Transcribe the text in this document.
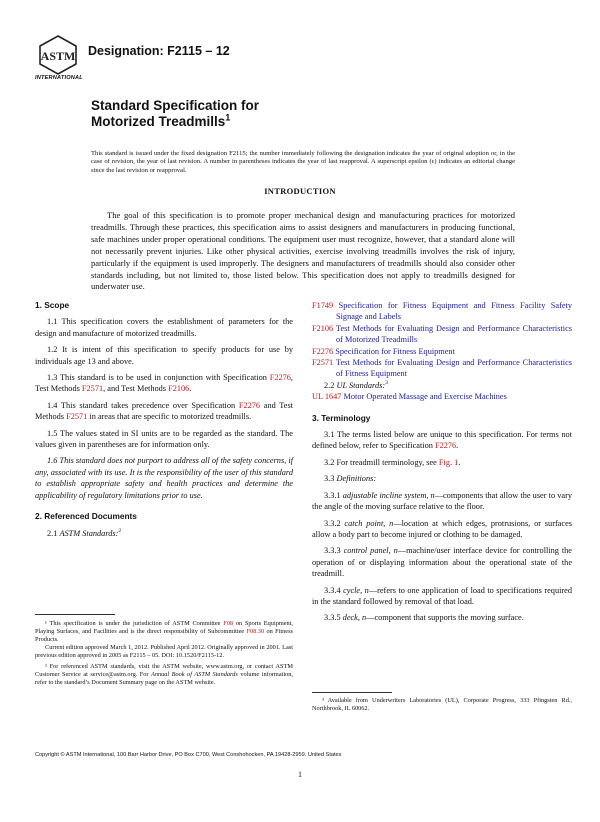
ASTM
INTERNATIONAL
Designation: F2115 – 12
Standard Specification for
Motorized Treadmills$^1$

This standard is issued under the fixed designation F2115; the number immediately following the designation indicates the year of original adoption or, in the case of revision, the year of last revision. A number in parentheses indicates the year of last reapproval. A superscript epsilon (ε) indicates an editorial change since the last revision or reapproval.

INTRODUCTION

The goal of this specification is to promote proper mechanical design and manufacturing practices for motorized treadmills. Through these practices, this specification aims to assist designers and manufacturers in producing functional, safe machines under proper operational conditions. The equipment user must recognize, however, that a standard alone will not necessarily prevent injuries. Like other physical activities, exercise involving treadmills involves the risk of injury, particularly if the equipment is used improperly. The designers and manufacturers of treadmills should also consider other standards including, but not limited to, those listed below. This specification does not apply to treadmills designed for underwater use.

1. Scope

1.1 This specification covers the establishment of parameters for the design and manufacture of motorized treadmills.

1.2 It is intent of this specification to specify products for use by individuals age 13 and above.

1.3 This standard is to be used in conjunction with Specification F2276, Test Methods F2571, and Test Methods F2106.

1.4 This standard takes precedence over Specification F2276 and Test Methods F2571 in areas that are specific to motorized treadmills.

1.5 The values stated in SI units are to be regarded as the standard. The values given in parentheses are for information only.

1.6 This standard does not purport to address all of the safety concerns, if any, associated with its use. It is the responsibility of the user of this standard to establish appropriate safety and health practices and determine the applicability of regulatory limitations prior to use.

2. Referenced Documents

2.1 ASTM Standards:$^2$

¹ This specification is under the jurisdiction of ASTM Committee F08 on Sports Equipment, Playing Surfaces, and Facilities and is the direct responsibility of Subcommittee F08.30 on Fitness Products.

Current edition approved March 1, 2012. Published April 2012. Originally approved in 2001. Last previous edition approved in 2005 as F2115 – 05. DOI: 10.1520/F2115-12.

² For referenced ASTM standards, visit the ASTM website, www.astm.org, or contact ASTM Customer Service at service@astm.org. For Annual Book of ASTM Standards volume information, refer to the standard’s Document Summary page on the ASTM website.

F1749 Specification for Fitness Equipment and Fitness Facility Safety Signage and Labels

F2106 Test Methods for Evaluating Design and Performance Characteristics of Motorized Treadmills

F2276 Specification for Fitness Equipment

F2571 Test Methods for Evaluating Design and Performance Characteristics of Fitness Equipment

2.2 UL Standards:$^3$

UL 1647 Motor Operated Massage and Exercise Machines

3. Terminology

3.1 The terms listed below are unique to this specification. For terms not defined below, refer to Specification F2276.

3.2 For treadmill terminology, see Fig. 1.

3.3 Definitions:

3.3.1 adjustable incline system, n—components that allow the user to vary the angle of the moving surface relative to the floor.

3.3.2 catch point, n—location at which edges, protrusions, or surfaces allow a body part to become injured or clothing to be damaged.

3.3.3 control panel, n—machine/user interface device for controlling the operation of or displaying information about the operational state of the treadmill.

3.3.4 cycle, n—refers to one application of load to specifications required in the standard followed by removal of that load.

3.3.5 deck, n—component that supports the moving surface.

³ Available from Underwriters Laboratories (UL), Corporate Progress, 333 Pfingsten Rd., Northbrook, IL 60062.

Copyright © ASTM International, 100 Barr Harbor Drive, PO Box C700, West Conshohocken, PA 19428-2959. United States
1
